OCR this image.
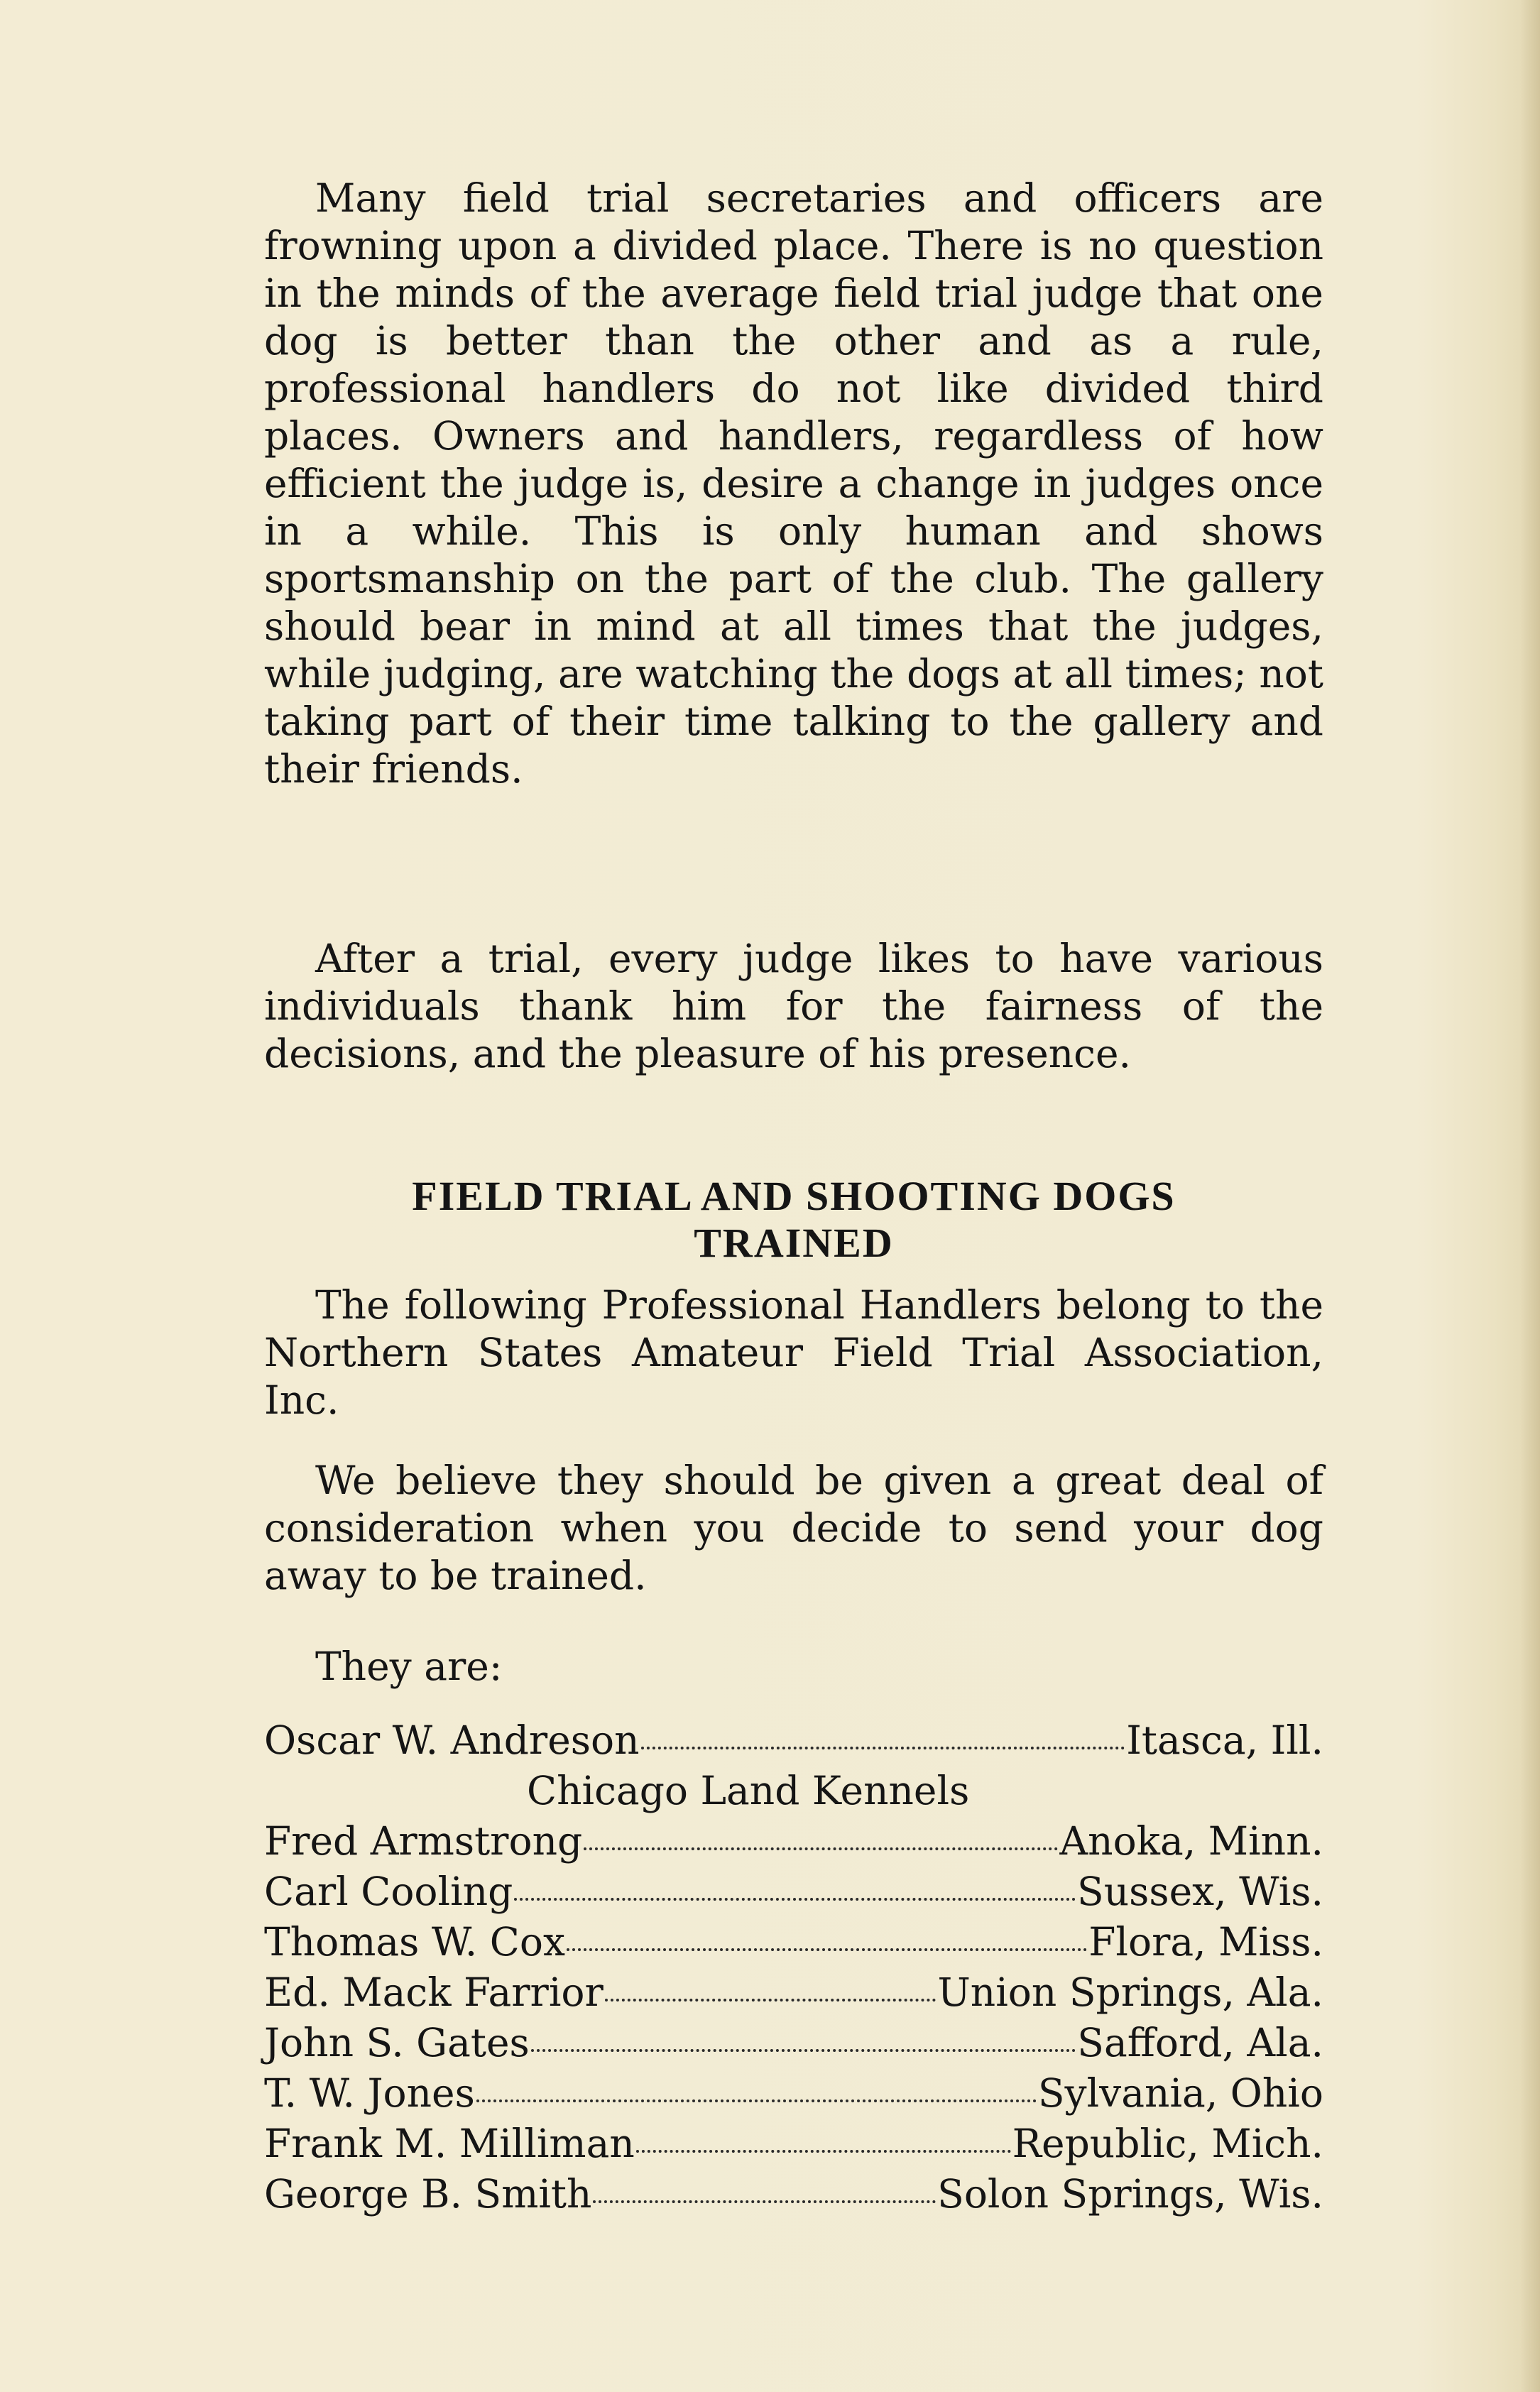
Many field trial secretaries and officers are frowning upon a divided place. There is no question in the minds of the average field trial judge that one dog is better than the other and as a rule, professional handlers do not like divided third places. Owners and handlers, regardless of how efficient the judge is, desire a change in judges once in a while. This is only human and shows sportsmanship on the part of the club. The gallery should bear in mind at all times that the judges, while judging, are watching the dogs at all times; not taking part of their time talking to the gallery and their friends.

After a trial, every judge likes to have various individuals thank him for the fairness of the decisions, and the pleasure of his presence.

FIELD TRIAL AND SHOOTING DOGS
TRAINED

The following Professional Handlers belong to the Northern States Amateur Field Trial Association, Inc.

We believe they should be given a great deal of consideration when you decide to send your dog away to be trained.

They are:
Oscar W. Andreson	Itasca, Ill.
Chicago Land Kennels
Fred Armstrong	Anoka, Minn.
Carl Cooling	Sussex, Wis.
Thomas W. Cox	Flora, Miss.
Ed. Mack Farrior	Union Springs, Ala.
John S. Gates	Safford, Ala.
T. W. Jones	Sylvania, Ohio
Frank M. Milliman	Republic, Mich.
George B. Smith	Solon Springs, Wis.
